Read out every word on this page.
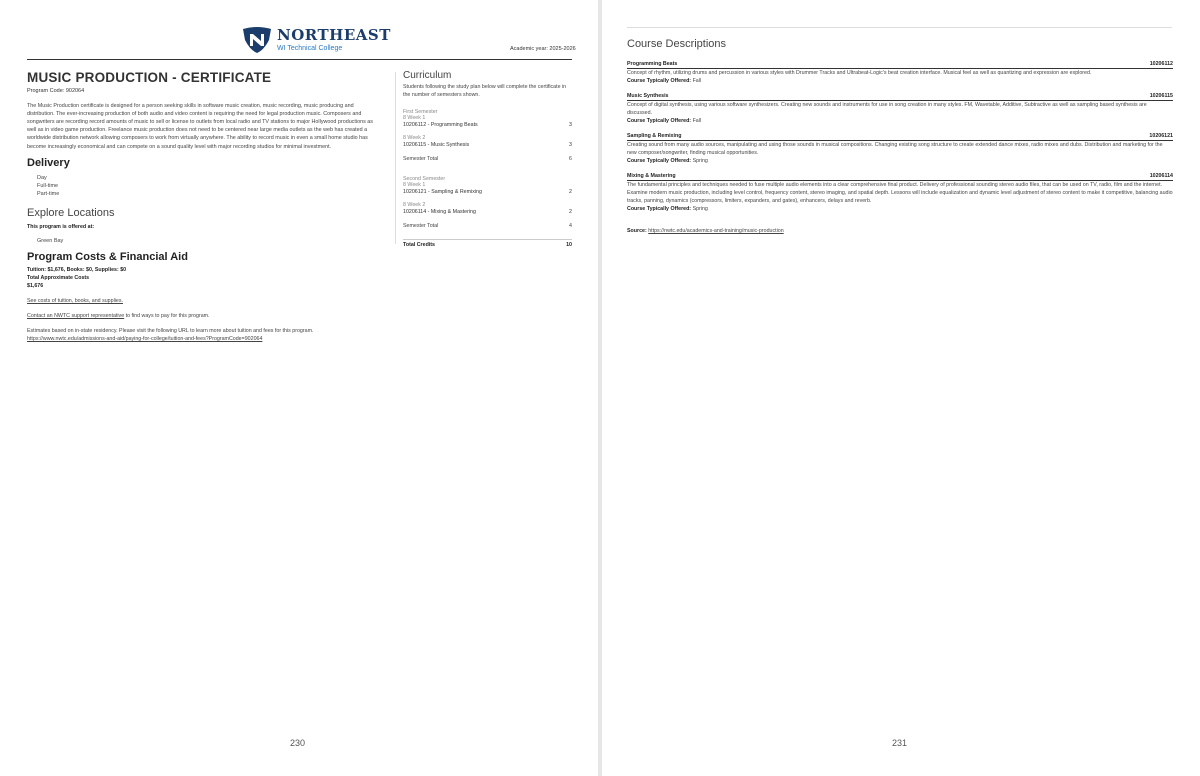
NORTHEAST
WI Technical College	Academic year: 2025-2026
MUSIC PRODUCTION - CERTIFICATE
Program Code: 902064
The Music Production certificate is designed for a person seeking skills in software music creation, music recording, music producing and distribution. The ever-increasing production of both audio and video content is requiring the need for legal production music. Composers and songwriters are recording record amounts of music to sell or license to outlets from local radio and TV stations to major Hollywood productions as well as in video game production. Freelance music production does not need to be centered near large media outlets as the web has created a worldwide distribution network allowing composers to work from virtually anywhere. The ability to record music in even a small home studio has become increasingly economical and can compete on a sound quality level with major recording studios for minimal investment.
Delivery
Day
Full-time
Part-time
Explore Locations
This program is offered at:
Green Bay
Program Costs & Financial Aid
Tuition: $1,676, Books: $0, Supplies: $0
Total Approximate Costs
$1,676
See costs of tuition, books, and supplies.
Contact an NWTC support representative to find ways to pay for this program.
Estimates based on in-state residency. Please visit the following URL to learn more about tuition and fees for this program.
https://www.nwtc.edu/admissions-and-aid/paying-for-college/tuition-and-fees?ProgramCode=902064
Curriculum
Students following the study plan below will complete the certificate in the number of semesters shown.
First Semester
8 Week 1
10206112 - Programming Beats	3
8 Week 2
10206115 - Music Synthesis	3
Semester Total	6
Second Semester
8 Week 1
10206121 - Sampling & Remixing	2
8 Week 2
10206114 - Mixing & Mastering	2
Semester Total	4
Total Credits	10
230
Course Descriptions
Programming Beats	10206112
Concept of rhythm, utilizing drums and percussion in various styles with Drummer Tracks and Ultrabeat-Logic's beat creation interface. Musical feel as well as quantizing and expression are explored.
Course Typically Offered: Fall
Music Synthesis	10206115
Concept of digital synthesis, using various software synthesizers. Creating new sounds and instruments for use in song creation in many styles. FM, Wavetable, Additive, Subtractive as well as sampling based synthesis are discussed.
Course Typically Offered: Fall
Sampling & Remixing	10206121
Creating sound from many audio sources, manipulating and using those sounds in musical compositions. Changing existing song structure to create extended dance mixes, radio mixes and dubs. Distribution and marketing for the new composer/songwriter, finding musical opportunities.
Course Typically Offered: Spring
Mixing & Mastering	10206114
The fundamental principles and techniques needed to fuse multiple audio elements into a clear comprehensive final product. Delivery of professional sounding stereo audio files, that can be used on TV, radio, film and the internet. Examine modern music production, including level control, frequency content, stereo imaging, and spatial depth. Lessons will include equalization and dynamic level adjustment of stereo content to make it competitive, balancing audio tracks, panning, dynamics (compressors, limiters, expanders, and gates), enhancers, delays and reverb.
Course Typically Offered: Spring
Source: https://nwtc.edu/academics-and-training/music-production
231
